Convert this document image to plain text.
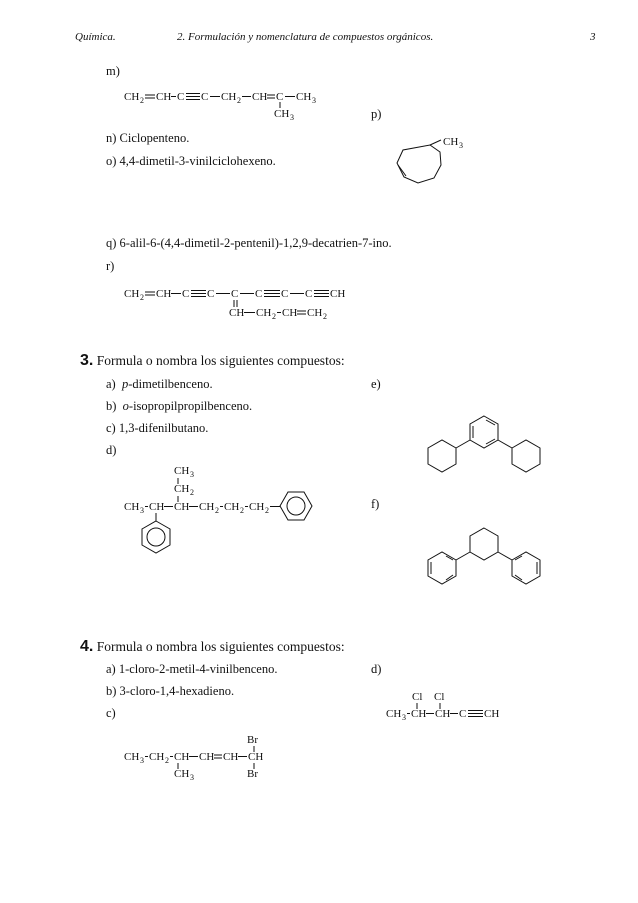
Química.	2. Formulación y nomenclatura de compuestos orgánicos.	3
m)
p)
n) Ciclopenteno.
o) 4,4-dimetil-3-vinilciclohexeno.
q) 6-alil-6-(4,4-dimetil-2-pentenil)-1,2,9-decatrien-7-ino.
r)
3. Formula o nombra los siguientes compuestos:
a) p-dimetilbenceno.	e)
b) o-isopropilpropilbenceno.
c) 1,3-difenilbutano.
d)
f)
4. Formula o nombra los siguientes compuestos:
a) 1-cloro-2-metil-4-vinilbenceno.	d)
b) 3-cloro-1,4-hexadieno.
c)
CH 2 CH C C CH 2 CH C
CH 3
CH 3
CH 3
CH 2 CH C C C C C C CH
CH CH 2 CH CH 2
CH 3
CH 2
CH 3 CH CH CH 2 CH 2 CH 2
Br
CH 3 CH 2 CH CH CH CH
CH 3	Br
Cl Cl
CH 3 CH CH C CH
